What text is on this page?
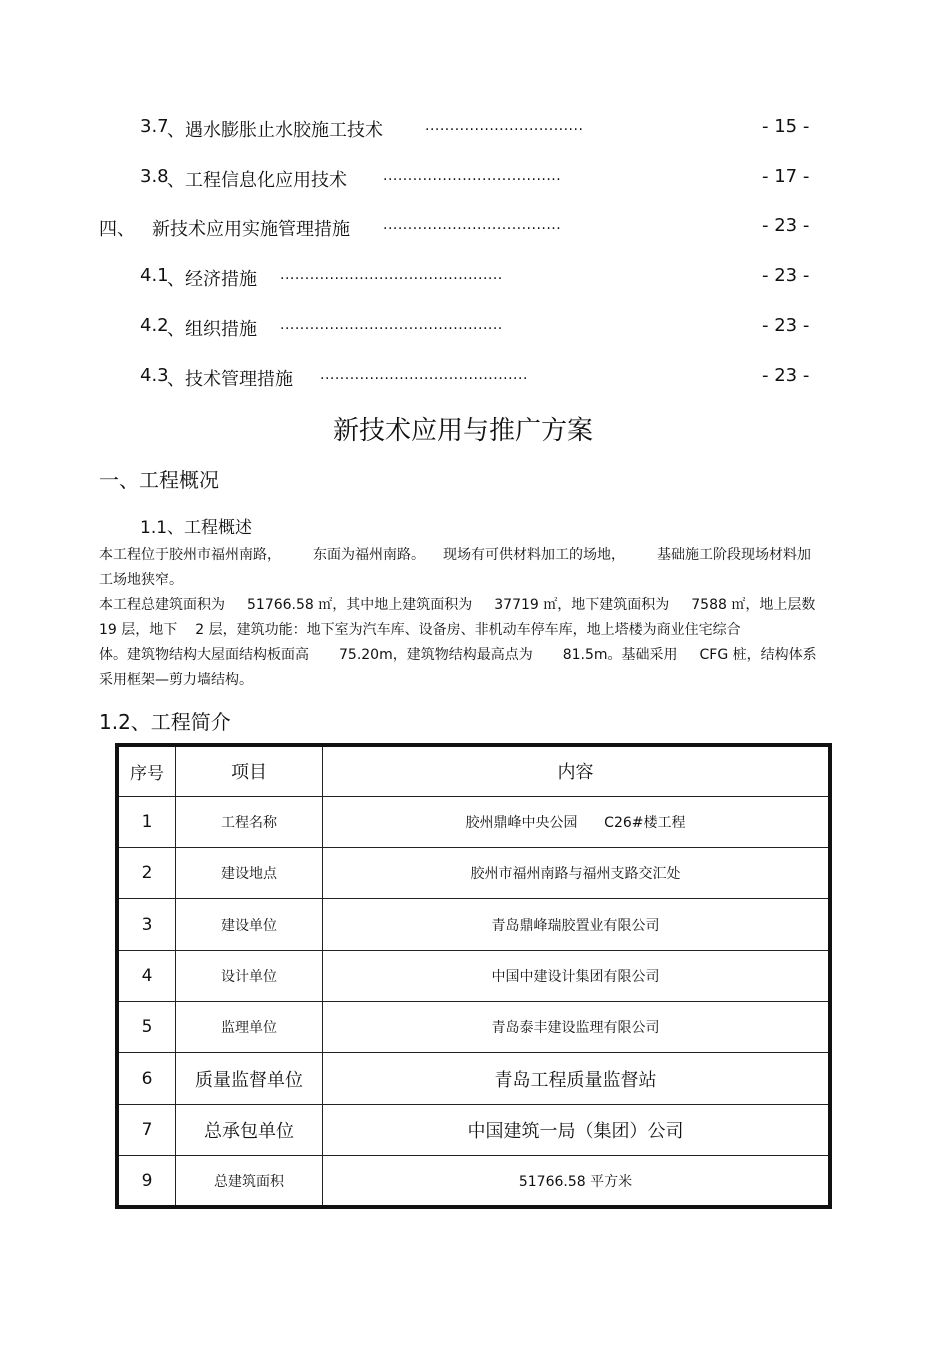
3.7
、遇水膨胀止水胶施工技术	................................	- 15 -
3.8
、工程信息化应用技术	....................................	- 17 -
四、 新技术应用实施管理措施 ....................................	- 23 -
4.1
、经济措施 .............................................	- 23 -
4.2
、组织措施 .............................................	- 23 -
4.3
、技术管理措施 ..........................................	- 23 -
新技术应用与推广方案
一、工程概况
1.1、工程概述
本工程位于胶州市福州南路， 东面为福州南路。 现场有可供材料加工的场地， 基础施工阶段现场材料加
工场地狭窄。
本工程总建筑面积为 51766.58 ㎡，其中地上建筑面积为 37719 ㎡，地下建筑面积为 7588 ㎡，地上层数
19 层，地下 2 层，建筑功能：地下室为汽车库、设备房、非机动车停车库，地上塔楼为商业住宅综合
体。建筑物结构大屋面结构板面高 75.20m，建筑物结构最高点为 81.5m。基础采用 CFG 桩，结构体系
采用框架—剪力墙结构。
1.2、工程简介
序号	项目	内容
1	工程名称	胶州鼎峰中央公园      C26#楼工程
2	建设地点	胶州市福州南路与福州支路交汇处
3	建设单位	青岛鼎峰瑞胶置业有限公司
4	设计单位	中国中建设计集团有限公司
5	监理单位	青岛泰丰建设监理有限公司
6	质量监督单位	青岛工程质量监督站
7	总承包单位	中国建筑一局（集团）公司
9	总建筑面积	51766.58 平方米
